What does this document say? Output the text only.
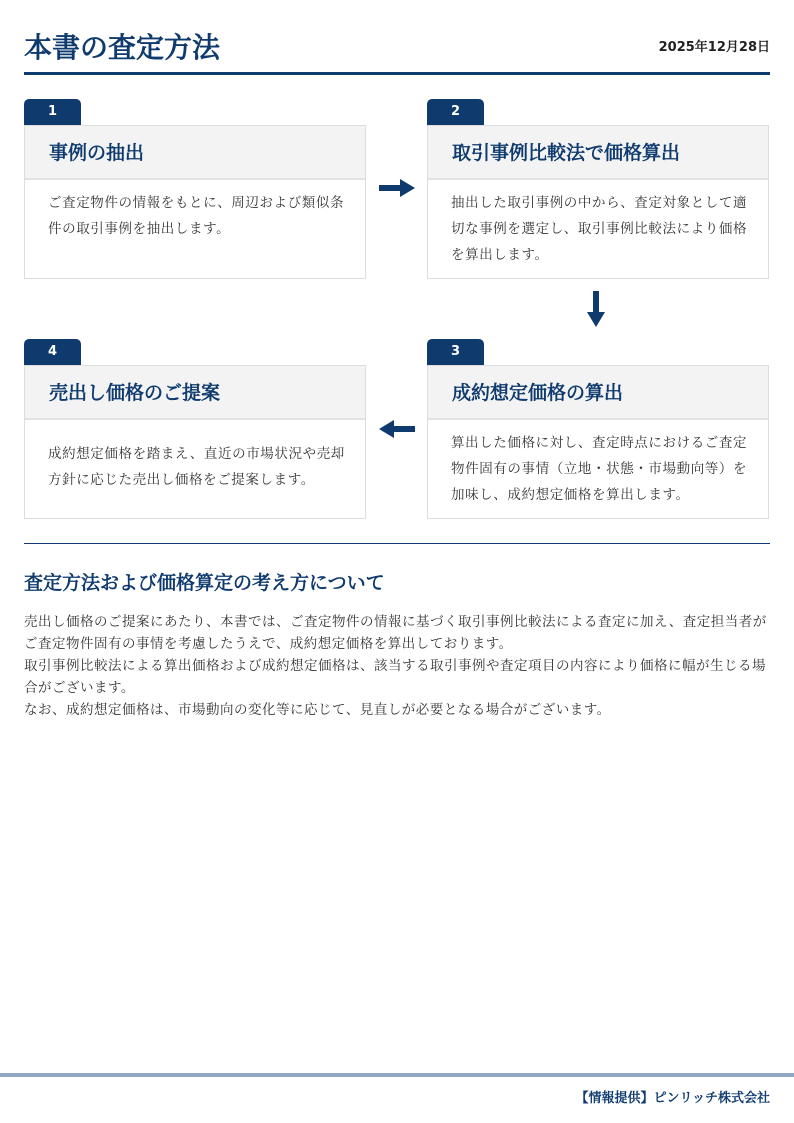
本書の査定方法	2025年12月28日
1
事例の抽出
ご査定物件の情報をもとに、周辺および類似条件の取引事例を抽出します。
2
取引事例比較法で価格算出
抽出した取引事例の中から、査定対象として適切な事例を選定し、取引事例比較法により価格を算出します。
4
売出し価格のご提案
成約想定価格を踏まえ、直近の市場状況や売却方針に応じた売出し価格をご提案します。
3
成約想定価格の算出
算出した価格に対し、査定時点におけるご査定物件固有の事情（立地・状態・市場動向等）を加味し、成約想定価格を算出します。
査定方法および価格算定の考え方について

売出し価格のご提案にあたり、本書では、ご査定物件の情報に基づく取引事例比較法による査定に加え、査定担当者がご査定物件固有の事情を考慮したうえで、成約想定価格を算出しております。

取引事例比較法による算出価格および成約想定価格は、該当する取引事例や査定項目の内容により価格に幅が生じる場合がございます。

なお、成約想定価格は、市場動向の変化等に応じて、見直しが必要となる場合がございます。

【情報提供】ピンリッチ株式会社
